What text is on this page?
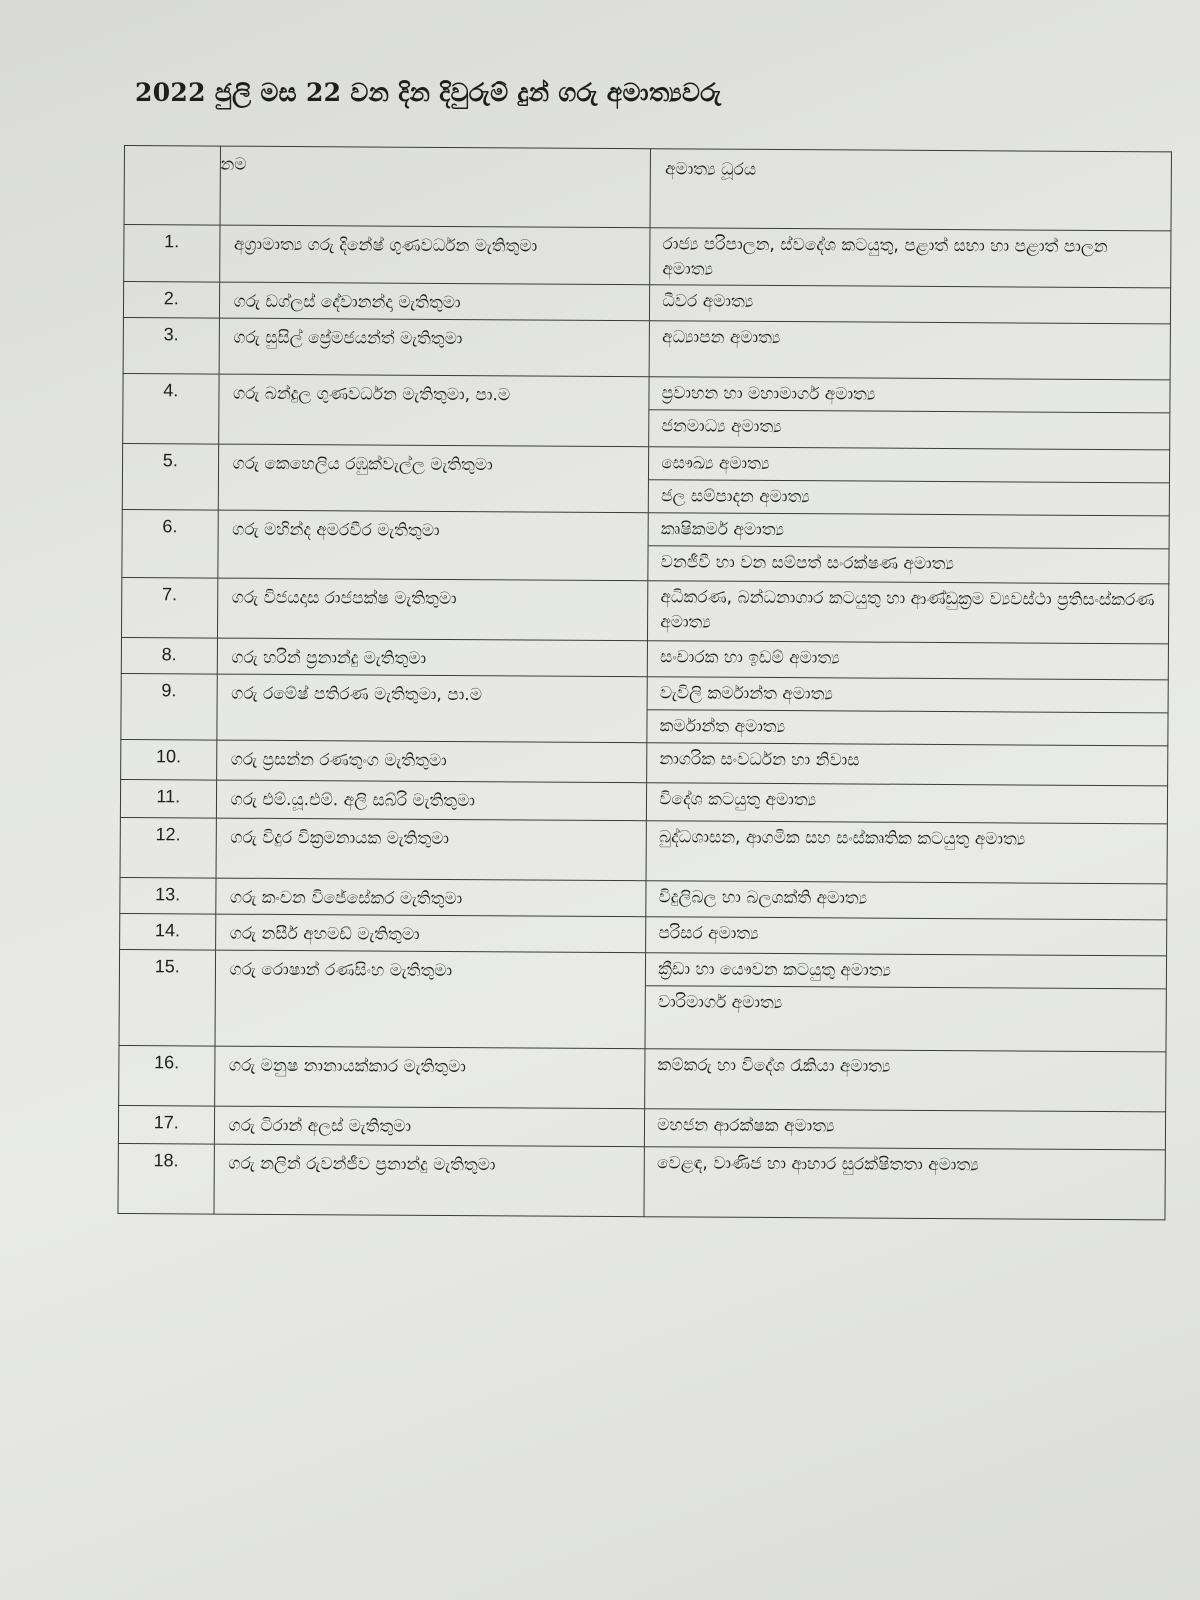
2022 ජුලි මස 22 වන දින දිවුරුම් දුන් ගරු අමාත්‍යවරු
	නම	අමාත්‍ය ධූරය
1.	අග්‍රාමාත්‍ය ගරු දිනේෂ් ගුණවර්ධන මැතිතුමා	රාජ්‍ය පරිපාලන, ස්වදේශ කටයුතු, පළාත් සභා හා පළාත් පාලන අමාත්‍ය

2.	ගරු ඩග්ලස් දේවානන්දා මැතිතුමා	ධීවර අමාත්‍ය

3.	ගරු සුසිල් ප්‍රේමජයන්ත් මැතිතුමා	අධ්‍යාපන අමාත්‍ය

4.	ගරු බන්දුල ගුණවර්ධන මැතිතුමා, පා.ම	ප්‍රවාහන හා මහාමාර්ග අමාත්‍ය
ජනමාධ්‍ය අමාත්‍ය

5.	ගරු කෙහෙලිය රඹුක්වැල්ල මැතිතුමා	සෞඛ්‍ය අමාත්‍ය
ජල සම්පාදන අමාත්‍ය

6.	ගරු මහින්ද අමරවීර මැතිතුමා	කෘෂිකර්ම අමාත්‍ය
වනජීවී හා වන සම්පත් සංරක්ෂණ අමාත්‍ය

7.	ගරු විජයදාස රාජපක්ෂ මැතිතුමා	අධිකරණ, බන්ධනාගාර කටයුතු හා ආණ්ඩුක්‍රම ව්‍යවස්ථා ප්‍රතිසංස්කරණ අමාත්‍ය

8.	ගරු හරින් ප්‍රනාන්දු මැතිතුමා	සංචාරක හා ඉඩම් අමාත්‍ය

9.	ගරු රමේෂ් පතිරණ මැතිතුමා, පා.ම	වැවිලි කර්මාන්ත අමාත්‍ය
කර්මාන්ත අමාත්‍ය

10.	ගරු ප්‍රසන්න රණතුංග මැතිතුමා	නාගරික සංවර්ධන හා නිවාස

11.	ගරු එම්.යූ.එම්. අලි සබ්රි මැතිතුමා	විදේශ කටයුතු අමාත්‍ය

12.	ගරු විදුර වික්‍රමනායක මැතිතුමා	බුද්ධශාසන, ආගමික සහ සංස්කෘතික කටයුතු අමාත්‍ය

13.	ගරු කංචන විජේසේකර මැතිතුමා	විදුලිබල හා බලශක්ති අමාත්‍ය

14.	ගරු නසීර් අහමඩ් මැතිතුමා	පරිසර අමාත්‍ය

15.	ගරු රොෂාන් රණසිංහ මැතිතුමා	ක්‍රීඩා හා යෞවන කටයුතු අමාත්‍ය
වාරිමාර්ග අමාත්‍ය

16.	ගරු මනුෂ නානායක්කාර මැතිතුමා	කම්කරු හා විදේශ රැකියා අමාත්‍ය

17.	ගරු ටිරාන් අලස් මැතිතුමා	මහජන ආරක්ෂක අමාත්‍ය

18.	ගරු නලින් රුවන්ජීව ප්‍රනාන්දු මැතිතුමා	වෙළඳ, වාණිජ හා ආහාර සුරක්ෂිතතා අමාත්‍ය
